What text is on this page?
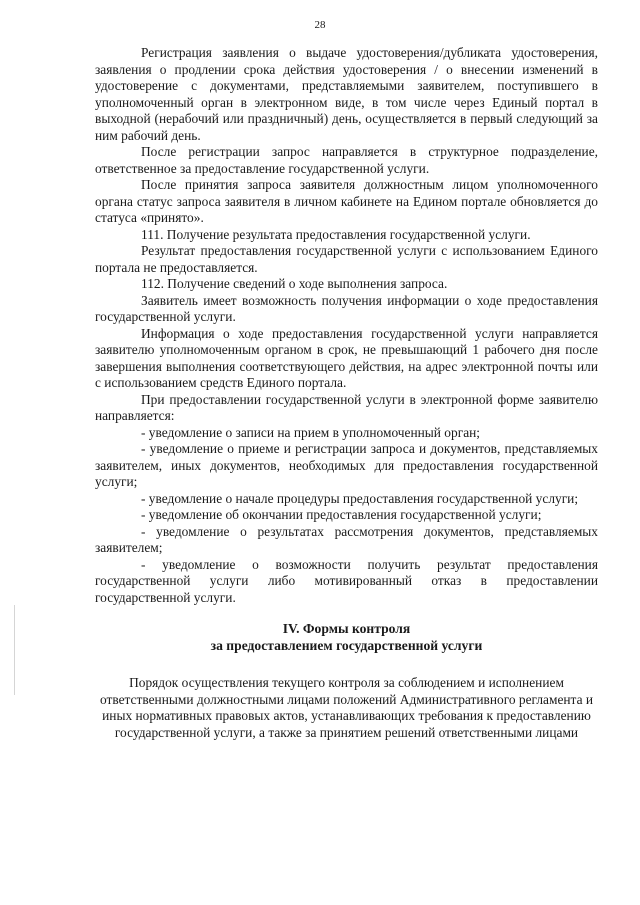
28

Регистрация заявления о выдаче удостоверения/дубликата удостоверения, заявления о продлении срока действия удостоверения / о внесении изменений в удостоверение с документами, представляемыми заявителем, поступившего в уполномоченный орган в электронном виде, в том числе через Единый портал в выходной (нерабочий или праздничный) день, осуществляется в первый следующий за ним рабочий день.

После регистрации запрос направляется в структурное подразделение, ответственное за предоставление государственной услуги.

После принятия запроса заявителя должностным лицом уполномоченного органа статус запроса заявителя в личном кабинете на Едином портале обновляется до статуса «принято».

111. Получение результата предоставления государственной услуги.

Результат предоставления государственной услуги с использованием Единого портала не предоставляется.

112. Получение сведений о ходе выполнения запроса.

Заявитель имеет возможность получения информации о ходе предоставления государственной услуги.

Информация о ходе предоставления государственной услуги направляется заявителю уполномоченным органом в срок, не превышающий 1 рабочего дня после завершения выполнения соответствующего действия, на адрес электронной почты или с использованием средств Единого портала.

При предоставлении государственной услуги в электронной форме заявителю направляется:

- уведомление о записи на прием в уполномоченный орган;

- уведомление о приеме и регистрации запроса и документов, представляемых заявителем, иных документов, необходимых для предоставления государственной услуги;

- уведомление о начале процедуры предоставления государственной услуги;

- уведомление об окончании предоставления государственной услуги;

- уведомление о результатах рассмотрения документов, представляемых заявителем;

- уведомление о возможности получить результат предоставления государственной услуги либо мотивированный отказ в предоставлении государственной услуги.

IV. Формы контроля
за предоставлением государственной услуги
Порядок осуществления текущего контроля за соблюдением и исполнением ответственными должностными лицами положений Административного регламента и иных нормативных правовых актов, устанавливающих требования к предоставлению государственной услуги, а также за принятием решений ответственными лицами
